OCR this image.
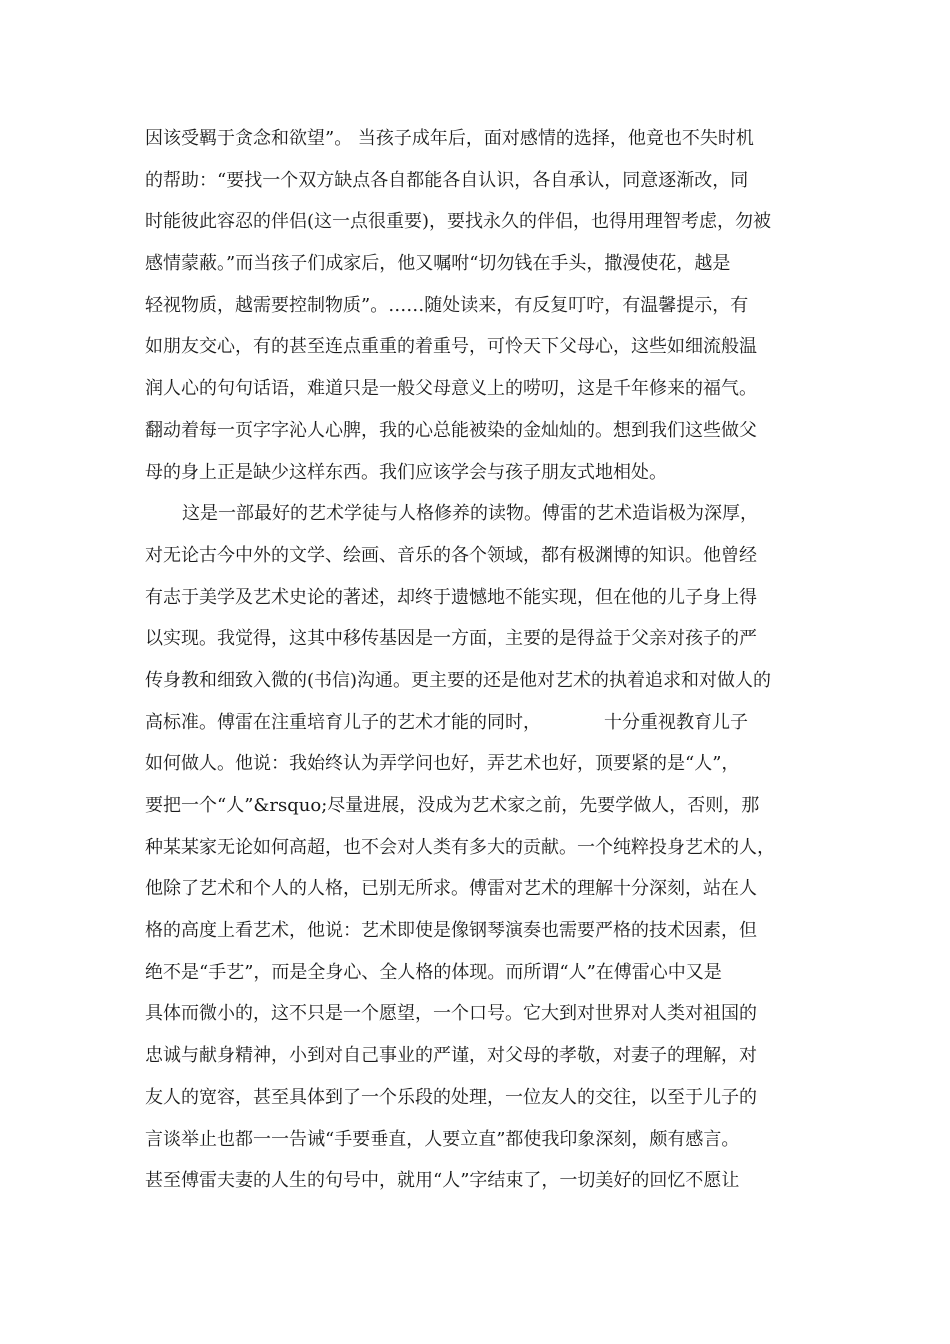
因该受羁于贪念和欲望”。 当孩子成年后，面对感情的选择，他竟也不失时机
的帮助：“要找一个双方缺点各自都能各自认识，各自承认，同意逐渐改，同
时能彼此容忍的伴侣(这一点很重要)，要找永久的伴侣，也得用理智考虑，勿被
感情蒙蔽。”而当孩子们成家后，他又嘱咐“切勿钱在手头，撒漫使花，越是
轻视物质，越需要控制物质”。……随处读来，有反复叮咛，有温馨提示，有
如朋友交心，有的甚至连点重重的着重号，可怜天下父母心，这些如细流般温
润人心的句句话语，难道只是一般父母意义上的唠叨，这是千年修来的福气。
翻动着每一页字字沁人心脾，我的心总能被染的金灿灿的。想到我们这些做父
母的身上正是缺少这样东西。我们应该学会与孩子朋友式地相处。
这是一部最好的艺术学徒与人格修养的读物。傅雷的艺术造诣极为深厚，
对无论古今中外的文学、绘画、音乐的各个领域，都有极渊博的知识。他曾经
有志于美学及艺术史论的著述，却终于遗憾地不能实现，但在他的儿子身上得
以实现。我觉得，这其中移传基因是一方面，主要的是得益于父亲对孩子的严
传身教和细致入微的(书信)沟通。更主要的还是他对艺术的执着追求和对做人的
高标准。傅雷在注重培育儿子的艺术才能的同时，　　　　十分重视教育儿子
如何做人。他说：我始终认为弄学问也好，弄艺术也好，顶要紧的是“人”，
要把一个“人”&rsquo;尽量进展，没成为艺术家之前，先要学做人，否则，那
种某某家无论如何高超，也不会对人类有多大的贡献。一个纯粹投身艺术的人，
他除了艺术和个人的人格，已别无所求。傅雷对艺术的理解十分深刻，站在人
格的高度上看艺术，他说：艺术即使是像钢琴演奏也需要严格的技术因素，但
绝不是“手艺”，而是全身心、全人格的体现。而所谓“人”在傅雷心中又是
具体而微小的，这不只是一个愿望，一个口号。它大到对世界对人类对祖国的
忠诚与献身精神，小到对自己事业的严谨，对父母的孝敬，对妻子的理解，对
友人的宽容，甚至具体到了一个乐段的处理，一位友人的交往，以至于儿子的
言谈举止也都一一告诫“手要垂直，人要立直”都使我印象深刻，颇有感言。
甚至傅雷夫妻的人生的句号中，就用“人”字结束了，一切美好的回忆不愿让
